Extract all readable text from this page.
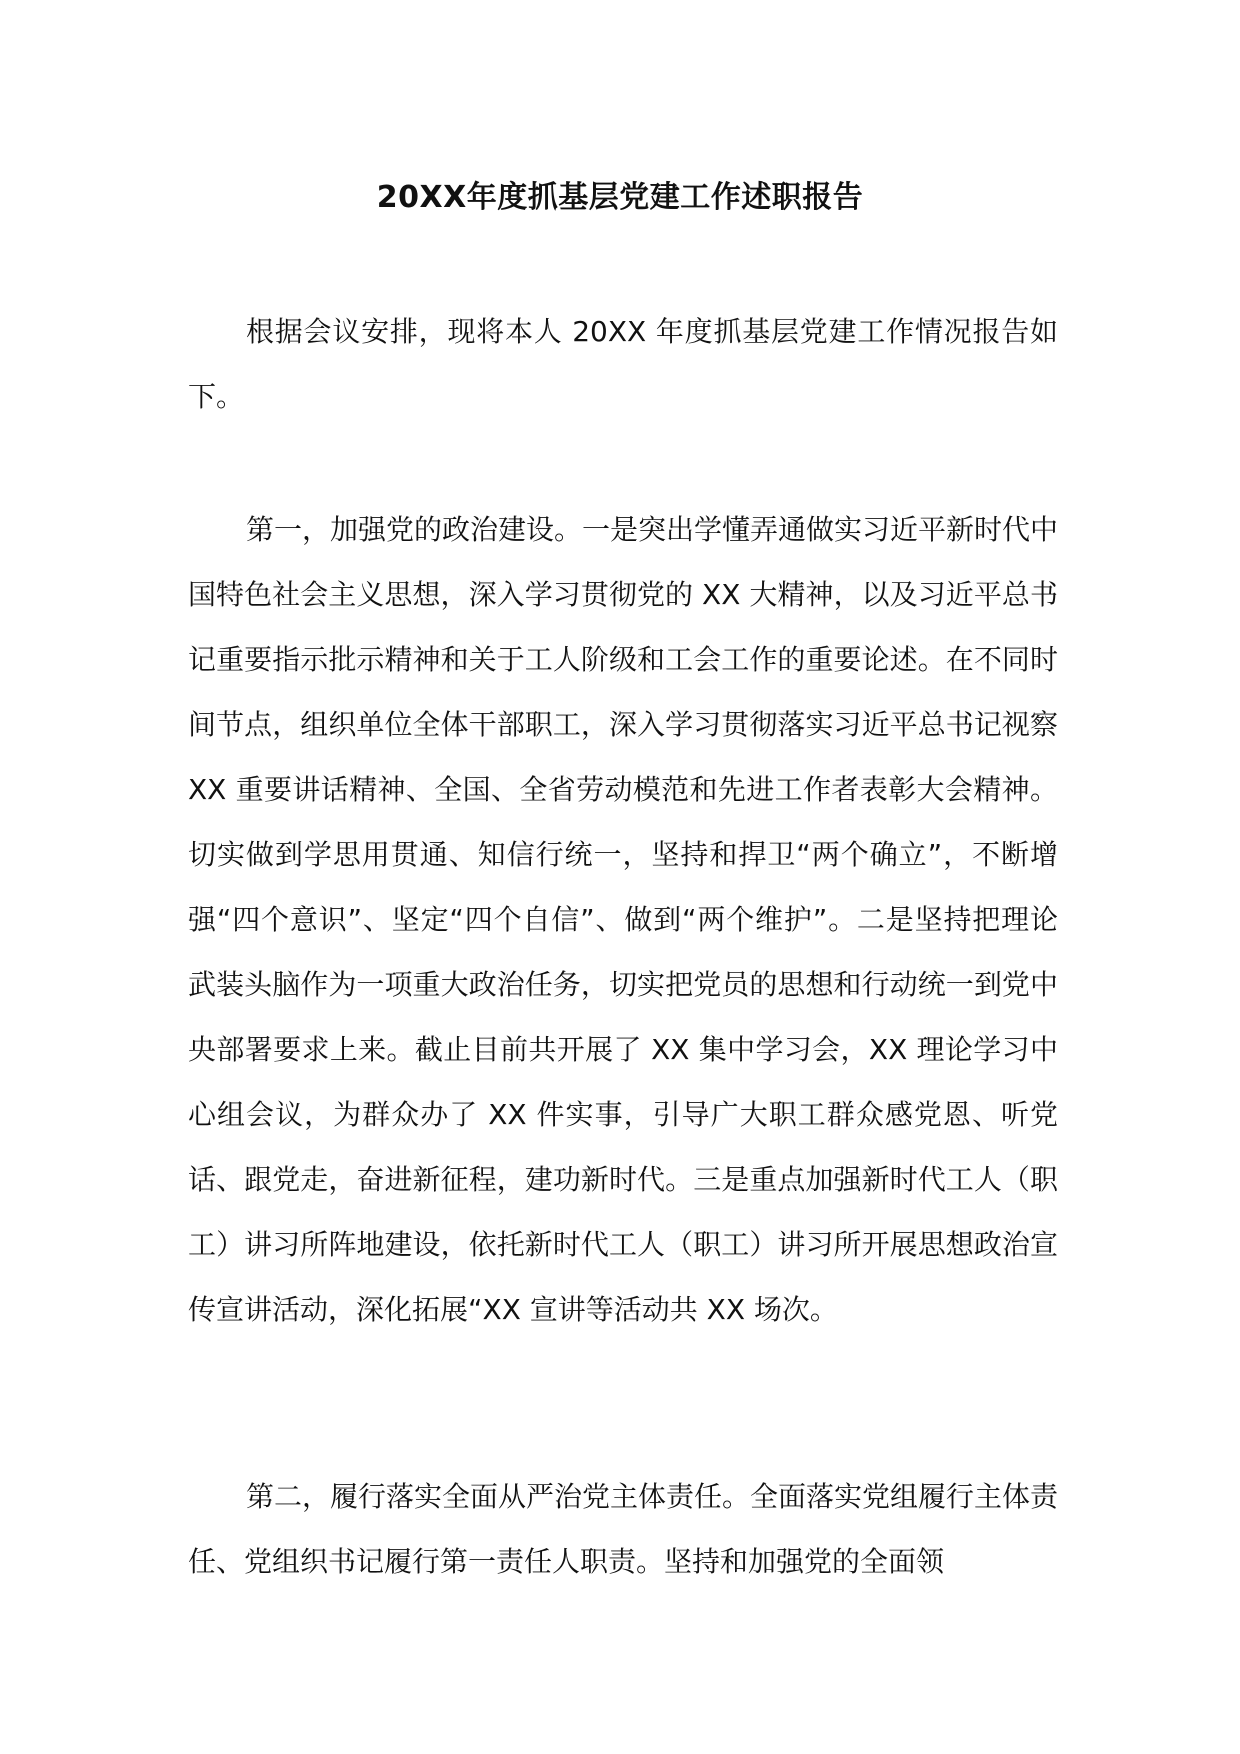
20XX年度抓基层党建工作述职报告

根据会议安排，现将本人 20XX 年度抓基层党建工作情况报告如下。

第一，加强党的政治建设。一是突出学懂弄通做实习近平新时代中国特色社会主义思想，深入学习贯彻党的 XX 大精神，以及习近平总书记重要指示批示精神和关于工人阶级和工会工作的重要论述。在不同时间节点，组织单位全体干部职工，深入学习贯彻落实习近平总书记视察 XX 重要讲话精神、全国、全省劳动模范和先进工作者表彰大会精神。切实做到学思用贯通、知信行统一，坚持和捍卫“两个确立”，不断增强“四个意识”、坚定“四个自信”、做到“两个维护”。二是坚持把理论武装头脑作为一项重大政治任务，切实把党员的思想和行动统一到党中央部署要求上来。截止目前共开展了 XX 集中学习会，XX 理论学习中心组会议，为群众办了 XX 件实事，引导广大职工群众感党恩、听党话、跟党走，奋进新征程，建功新时代。三是重点加强新时代工人（职工）讲习所阵地建设，依托新时代工人（职工）讲习所开展思想政治宣传宣讲活动，深化拓展“XX 宣讲等活动共 XX 场次。

第二，履行落实全面从严治党主体责任。全面落实党组履行主体责任、党组织书记履行第一责任人职责。坚持和加强党的全面领
